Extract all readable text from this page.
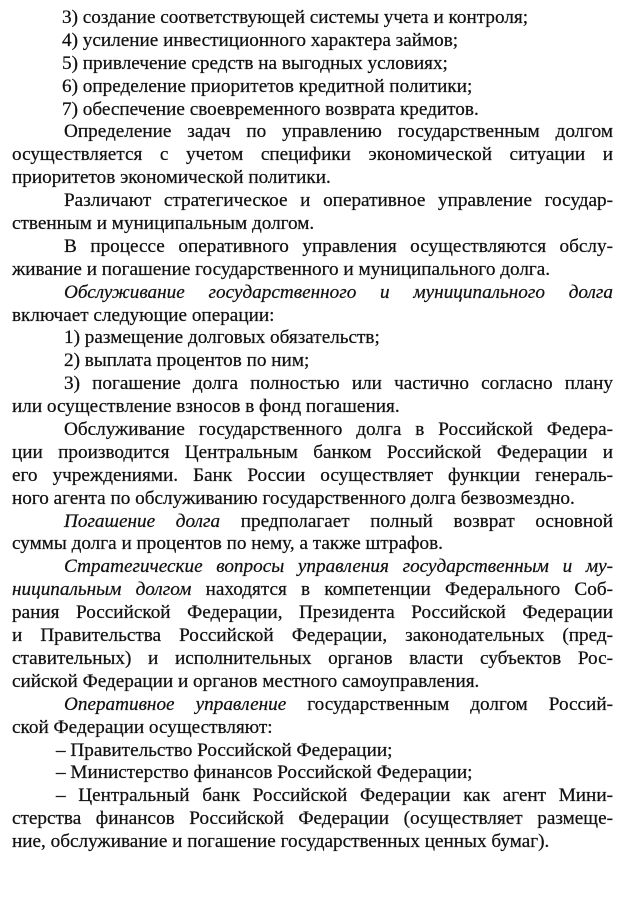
3) создание соответствующей системы учета и контроля;
4) усиление инвестиционного характера займов;
5) привлечение средств на выгодных условиях;
6) определение приоритетов кредитной политики;
7) обеспечение своевременного возврата кредитов.
Определение задач по управлению государственным долгом
осуществляется с учетом специфики экономической ситуации и
приоритетов экономической политики.
Различают стратегическое и оперативное управление государ-
ственным и муниципальным долгом.
В процессе оперативного управления осуществляются обслу-
живание и погашение государственного и муниципального долга.
Обслуживание государственного и муниципального долга
включает следующие операции:
1) размещение долговых обязательств;
2) выплата процентов по ним;
3) погашение долга полностью или частично согласно плану
или осуществление взносов в фонд погашения.
Обслуживание государственного долга в Российской Федера-
ции производится Центральным банком Российской Федерации и
его учреждениями. Банк России осуществляет функции генераль-
ного агента по обслуживанию государственного долга безвозмездно.
Погашение долга предполагает полный возврат основной
суммы долга и процентов по нему, а также штрафов.
Стратегические вопросы управления государственным и му-
ниципальным долгом находятся в компетенции Федерального Соб-
рания Российской Федерации, Президента Российской Федерации
и Правительства Российской Федерации, законодательных (пред-
ставительных) и исполнительных органов власти субъектов Рос-
сийской Федерации и органов местного самоуправления.
Оперативное управление государственным долгом Россий-
ской Федерации осуществляют:
– Правительство Российской Федерации;
– Министерство финансов Российской Федерации;
– Центральный банк Российской Федерации как агент Мини-
стерства финансов Российской Федерации (осуществляет размеще-
ние, обслуживание и погашение государственных ценных бумаг).
